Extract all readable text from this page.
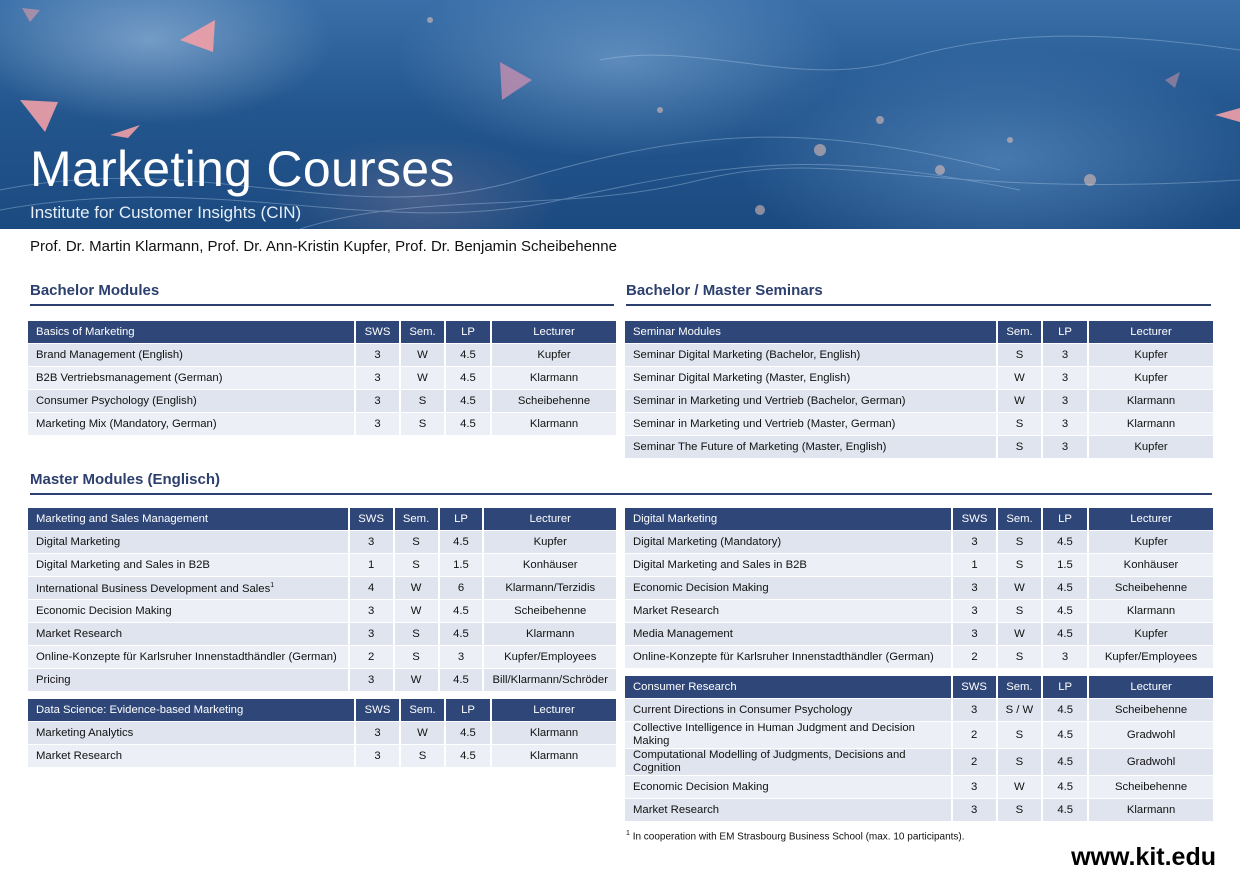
Marketing Courses
Institute for Customer Insights (CIN)
Prof. Dr. Martin Klarmann, Prof. Dr. Ann-Kristin Kupfer, Prof. Dr. Benjamin Scheibehenne
Bachelor Modules	Bachelor / Master Seminars
Master Modules (Englisch)
Basics of Marketing	SWS	Sem.	LP	Lecturer
Brand Management (English)	3	W	4.5	Kupfer
B2B Vertriebsmanagement (German)	3	W	4.5	Klarmann
Consumer Psychology (English)	3	S	4.5	Scheibehenne
Marketing Mix (Mandatory, German)	3	S	4.5	Klarmann
Seminar Modules	Sem.	LP	Lecturer
Seminar Digital Marketing (Bachelor, English)	S	3	Kupfer
Seminar Digital Marketing (Master, English)	W	3	Kupfer
Seminar in Marketing und Vertrieb (Bachelor, German)	W	3	Klarmann
Seminar in Marketing und Vertrieb (Master, German)	S	3	Klarmann
Seminar The Future of Marketing (Master, English)	S	3	Kupfer
Marketing and Sales Management	SWS	Sem.	LP	Lecturer
Digital Marketing	3	S	4.5	Kupfer
Digital Marketing and Sales in B2B	1	S	1.5	Konhäuser
International Business Development and Sales$^1$	4	W	6	Klarmann/Terzidis
Economic Decision Making	3	W	4.5	Scheibehenne
Market Research	3	S	4.5	Klarmann
Online-Konzepte für Karlsruher Innenstadthändler (German)	2	S	3	Kupfer/Employees
Pricing	3	W	4.5	Bill/Klarmann/Schröder
Data Science: Evidence-based Marketing	SWS	Sem.	LP	Lecturer
Marketing Analytics	3	W	4.5	Klarmann
Market Research	3	S	4.5	Klarmann
Digital Marketing	SWS	Sem.	LP	Lecturer
Digital Marketing (Mandatory)	3	S	4.5	Kupfer
Digital Marketing and Sales in B2B	1	S	1.5	Konhäuser
Economic Decision Making	3	W	4.5	Scheibehenne
Market Research	3	S	4.5	Klarmann
Media Management	3	W	4.5	Kupfer
Online-Konzepte für Karlsruher Innenstadthändler (German)	2	S	3	Kupfer/Employees
Consumer Research	SWS	Sem.	LP	Lecturer
Current Directions in Consumer Psychology	3	S / W	4.5	Scheibehenne
Collective Intelligence in Human Judgment and Decision Making	2	S	4.5	Gradwohl
Computational Modelling of Judgments, Decisions and Cognition	2	S	4.5	Gradwohl
Economic Decision Making	3	W	4.5	Scheibehenne
Market Research	3	S	4.5	Klarmann
$^1$ In cooperation with EM Strasbourg Business School (max. 10 participants).
www.kit.edu
